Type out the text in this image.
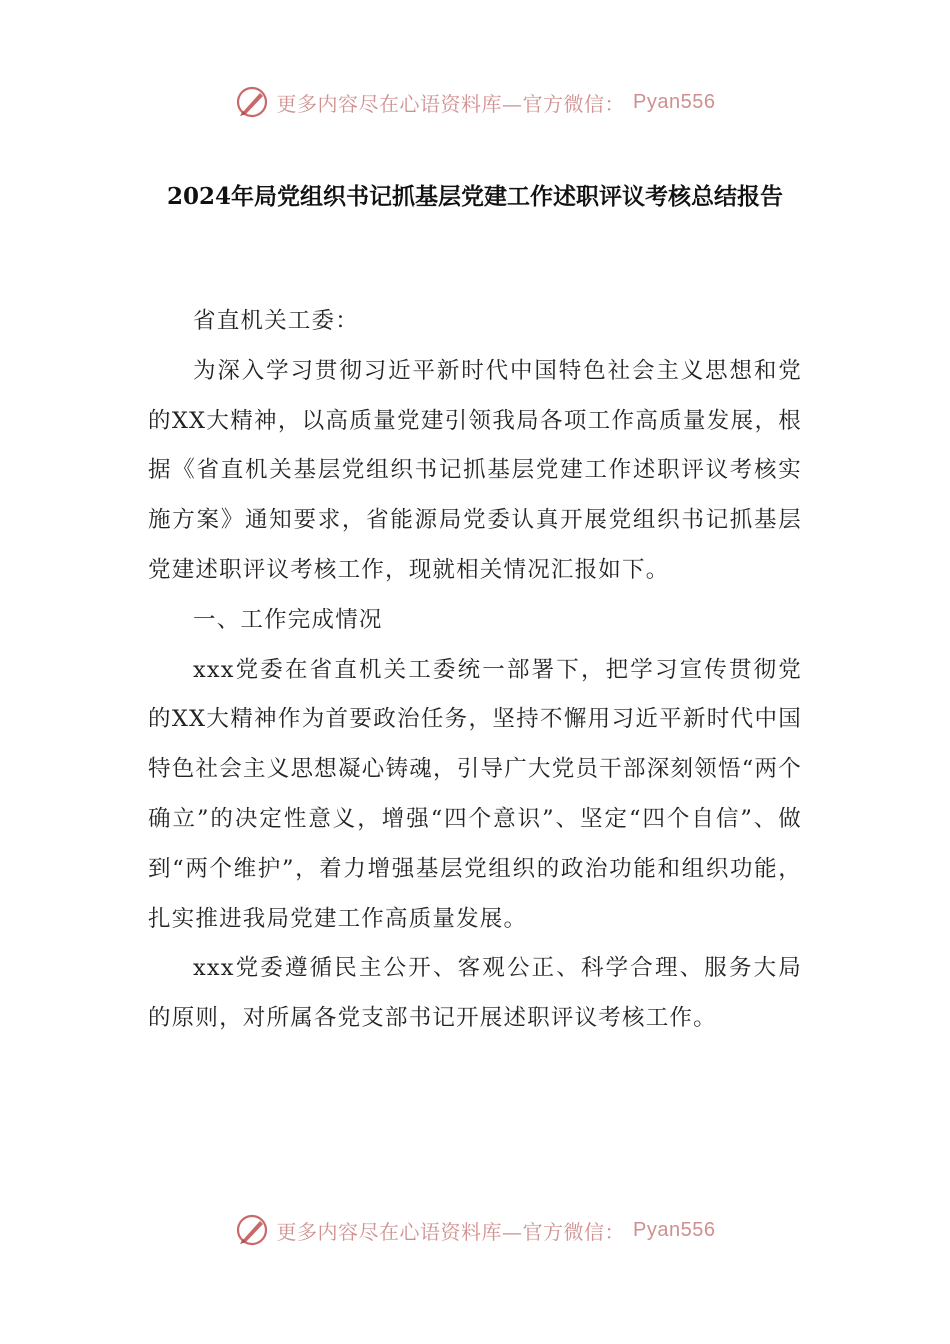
更多内容尽在心语资料库—官方微信： Pyan556
2024年局党组织书记抓基层党建工作述职评议考核总结报告

省直机关工委：

为深入学习贯彻习近平新时代中国特色社会主义思想和党的XX大精神，以高质量党建引领我局各项工作高质量发展，根据《省直机关基层党组织书记抓基层党建工作述职评议考核实施方案》通知要求，省能源局党委认真开展党组织书记抓基层党建述职评议考核工作，现就相关情况汇报如下。

一、工作完成情况

xxx党委在省直机关工委统一部署下，把学习宣传贯彻党的XX大精神作为首要政治任务，坚持不懈用习近平新时代中国特色社会主义思想凝心铸魂，引导广大党员干部深刻领悟“两个确立”的决定性意义，增强“四个意识”、坚定“四个自信”、做到“两个维护”，着力增强基层党组织的政治功能和组织功能，扎实推进我局党建工作高质量发展。

xxx党委遵循民主公开、客观公正、科学合理、服务大局的原则，对所属各党支部书记开展述职评议考核工作。

更多内容尽在心语资料库—官方微信： Pyan556
